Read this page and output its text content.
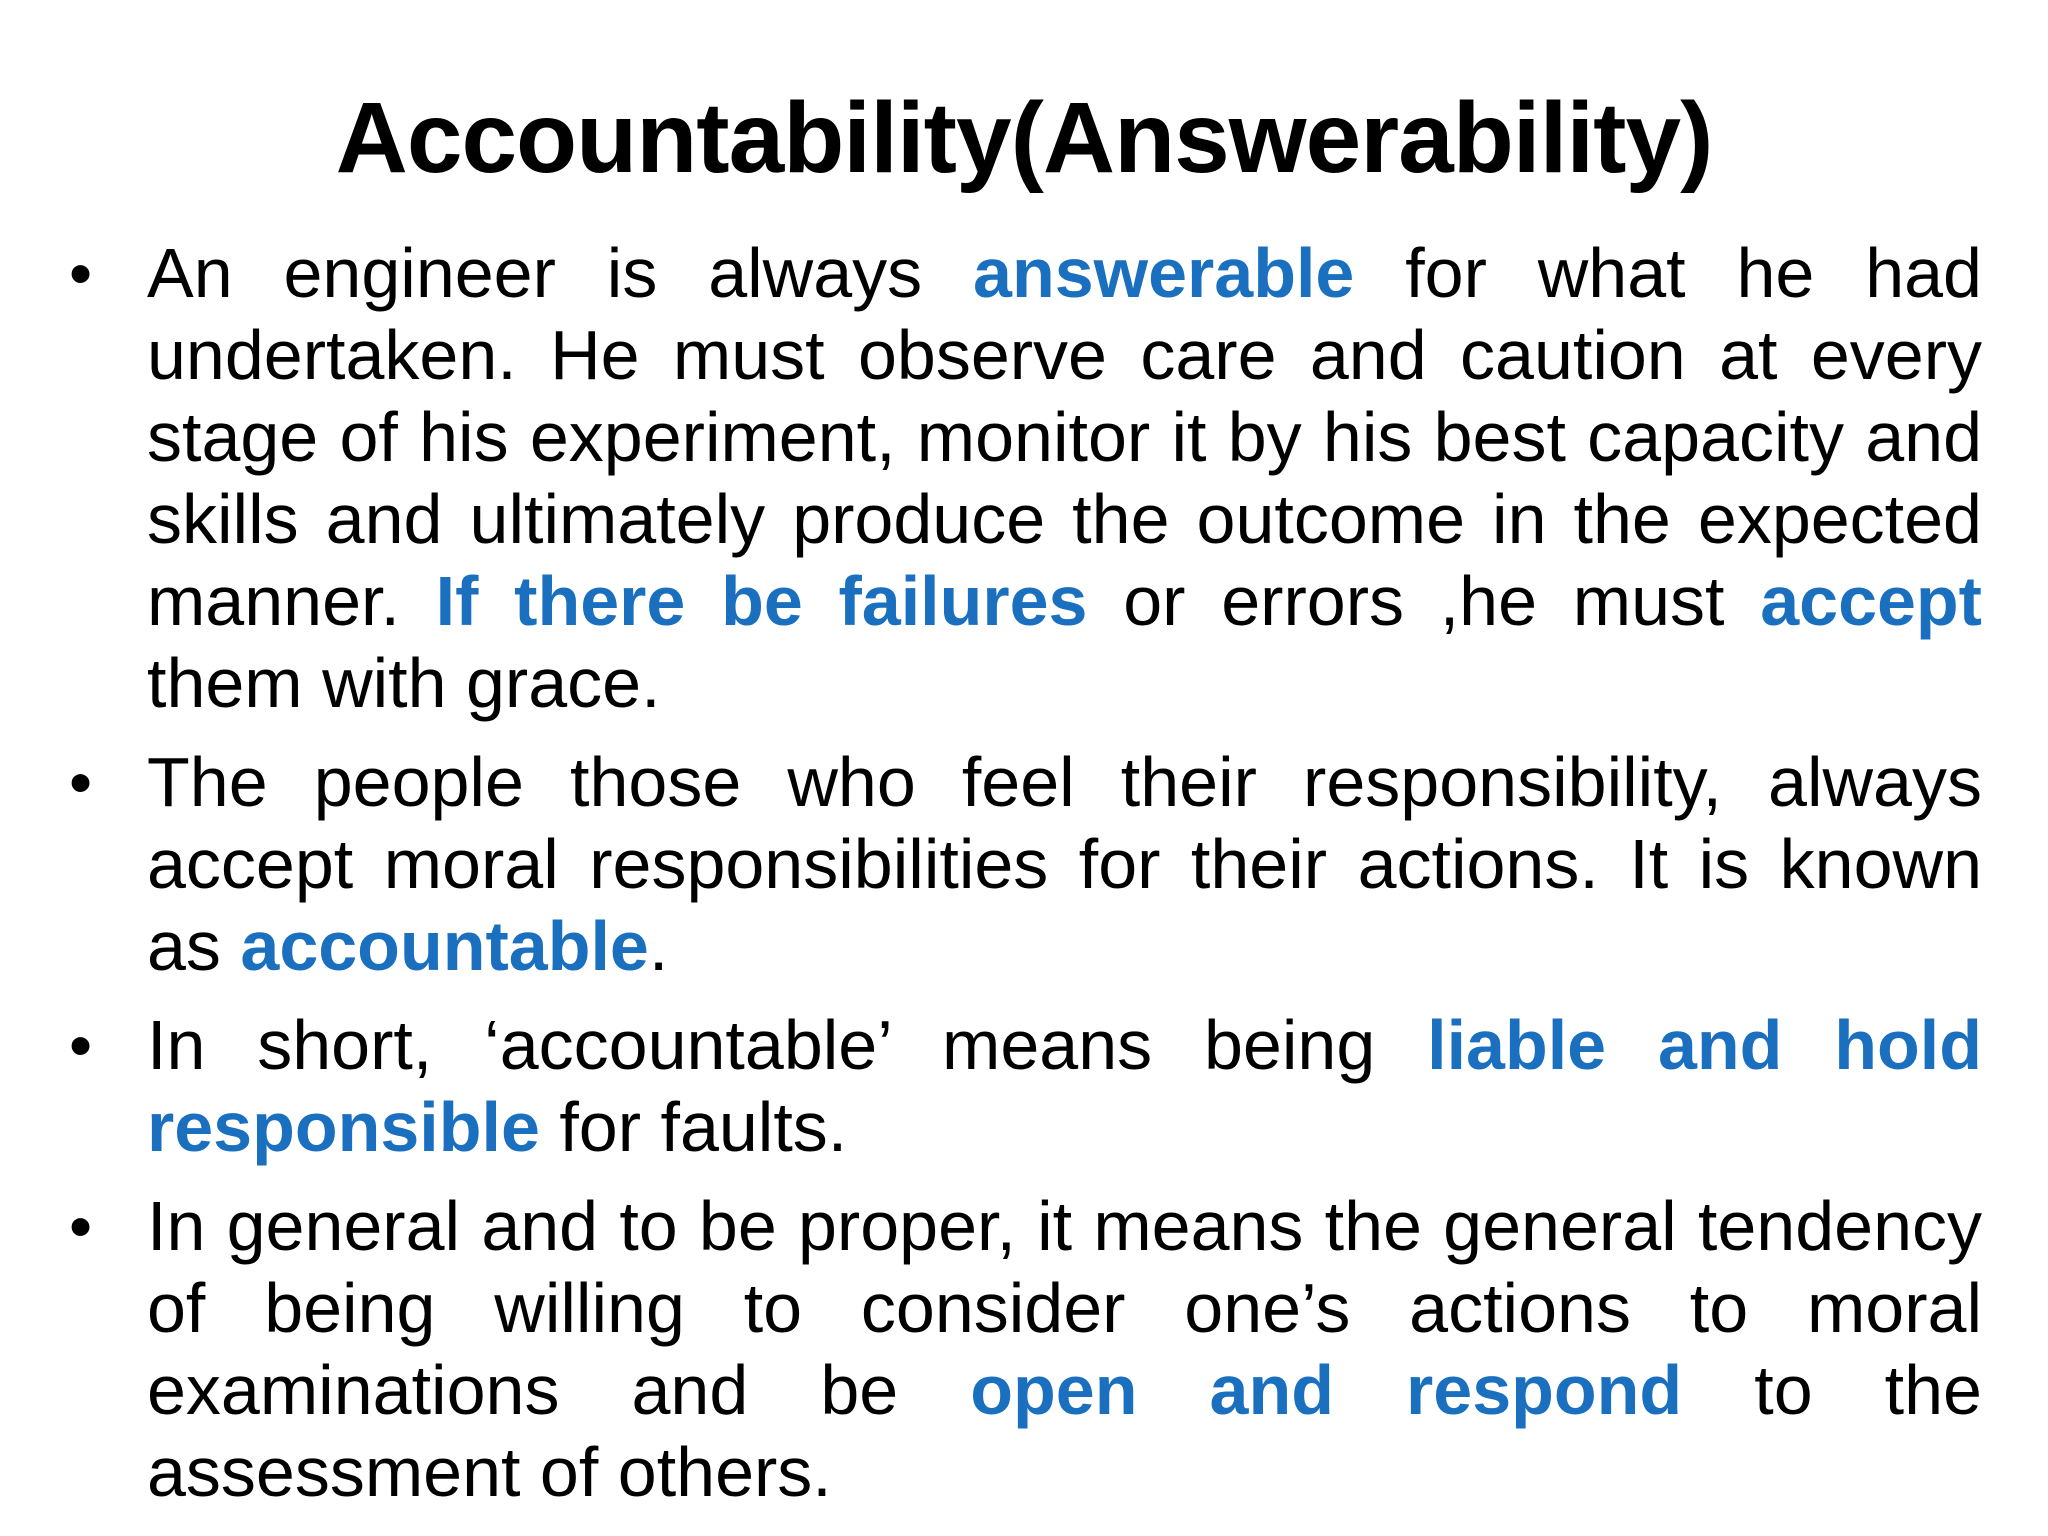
Accountability(Answerability)
• An engineer is always answerable for what he had undertaken. He must observe care and caution at every stage of his experiment, monitor it by his best capacity and skills and ultimately produce the outcome in the expected manner. If there be failures or errors ,he must accept them with grace.
• The people those who feel their responsibility, always accept moral responsibilities for their actions. It is known as accountable.
• In short, ‘accountable’ means being liable and hold responsible for faults.
• In general and to be proper, it means the general tendency of being willing to consider one’s actions to moral examinations and be open and respond to the assessment of others.
